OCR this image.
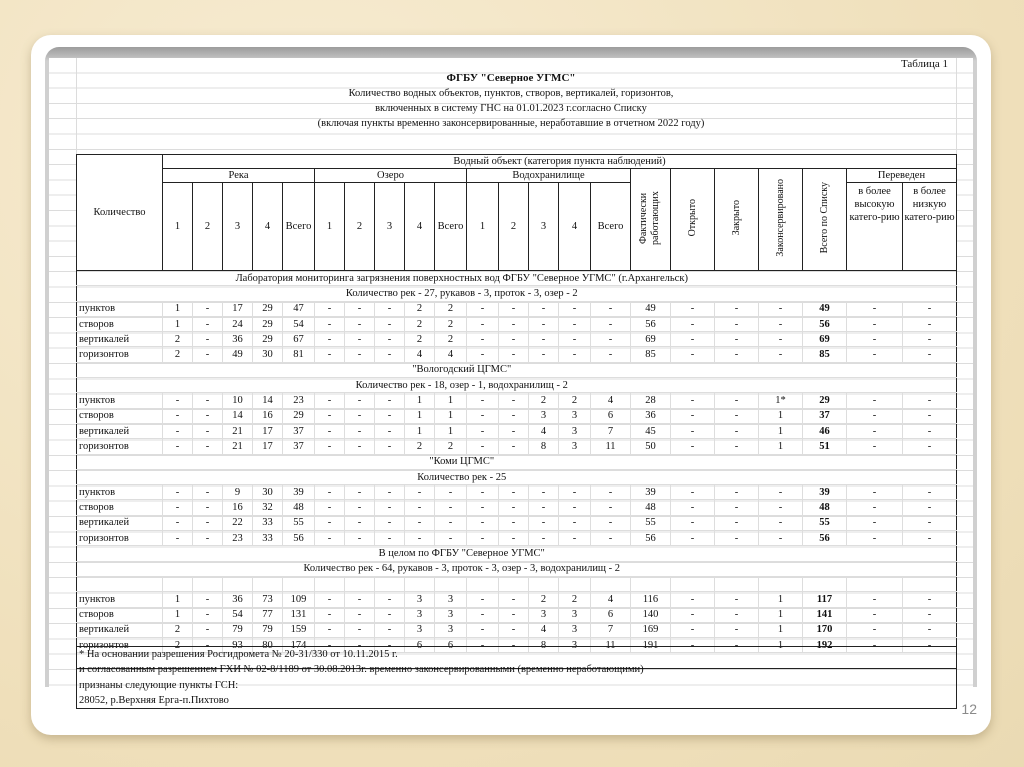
Таблица 1
ФГБУ "Северное УГМС"
Количество водных объектов, пунктов, створов, вертикалей, горизонтов,
включенных в систему ГНС на 01.01.2023 г.согласно Списку
(включая пункты временно законсервированные, неработавшие в отчетном 2022 году)
Количество	Водный объект (категория пункта наблюдений)																					
	Река					Озеро					Водохранилище					Фактически работающих	Открыто	Закрыто	Законсервировано	Всего по Списку	Переведен	
	1	2	3	4	Всего	1	2	3	4	Всего	1	2	3	4	Всего						в более высокую катего-рию	в более низкую катего-рию
Лаборатория мониторинга загрязнения поверхностных вод ФГБУ "Северное УГМС" (г.Архангельск)																						
Количество рек - 27, рукавов - 3, проток - 3, озер - 2																						
пунктов	1	-	17	29	47	-	-	-	2	2	-	-	-	-	-	49	-	-	-	49	-	-
створов	1	-	24	29	54	-	-	-	2	2	-	-	-	-	-	56	-	-	-	56	-	-
вертикалей	2	-	36	29	67	-	-	-	2	2	-	-	-	-	-	69	-	-	-	69	-	-
горизонтов	2	-	49	30	81	-	-	-	4	4	-	-	-	-	-	85	-	-	-	85	-	-
"Вологодский ЦГМС"																						
Количество рек - 18, озер - 1, водохранилищ - 2																						
пунктов	-	-	10	14	23	-	-	-	1	1	-	-	2	2	4	28	-	-	1*	29	-	-
створов	-	-	14	16	29	-	-	-	1	1	-	-	3	3	6	36	-	-	1	37	-	-
вертикалей	-	-	21	17	37	-	-	-	1	1	-	-	4	3	7	45	-	-	1	46	-	-
горизонтов	-	-	21	17	37	-	-	-	2	2	-	-	8	3	11	50	-	-	1	51	-	-
"Коми ЦГМС"																						
Количество рек - 25																						
пунктов	-	-	9	30	39	-	-	-	-	-	-	-	-	-	-	39	-	-	-	39	-	-
створов	-	-	16	32	48	-	-	-	-	-	-	-	-	-	-	48	-	-	-	48	-	-
вертикалей	-	-	22	33	55	-	-	-	-	-	-	-	-	-	-	55	-	-	-	55	-	-
горизонтов	-	-	23	33	56	-	-	-	-	-	-	-	-	-	-	56	-	-	-	56	-	-
В целом по ФГБУ "Северное УГМС"																						
Количество рек - 64, рукавов - 3, проток - 3, озер - 3, водохранилищ - 2																						

пунктов	1	-	36	73	109	-	-	-	3	3	-	-	2	2	4	116	-	-	1	117	-	-
створов	1	-	54	77	131	-	-	-	3	3	-	-	3	3	6	140	-	-	1	141	-	-
вертикалей	2	-	79	79	159	-	-	-	3	3	-	-	4	3	7	169	-	-	1	170	-	-
горизонтов	2	-	93	80	174	-	-	-	6	6	-	-	8	3	11	191	-	-	1	192	-	-

* На основании разрешения Росгидромета № 20-31/330 от 10.11.2015 г.
и согласованным разрешением ГХИ № 02-8/1189 от 30.08.2013г. временно законсервированными (временно неработающими)
признаны следующие пункты ГСН:
28052, р.Верхняя Ерга-п.Пихтово
12
